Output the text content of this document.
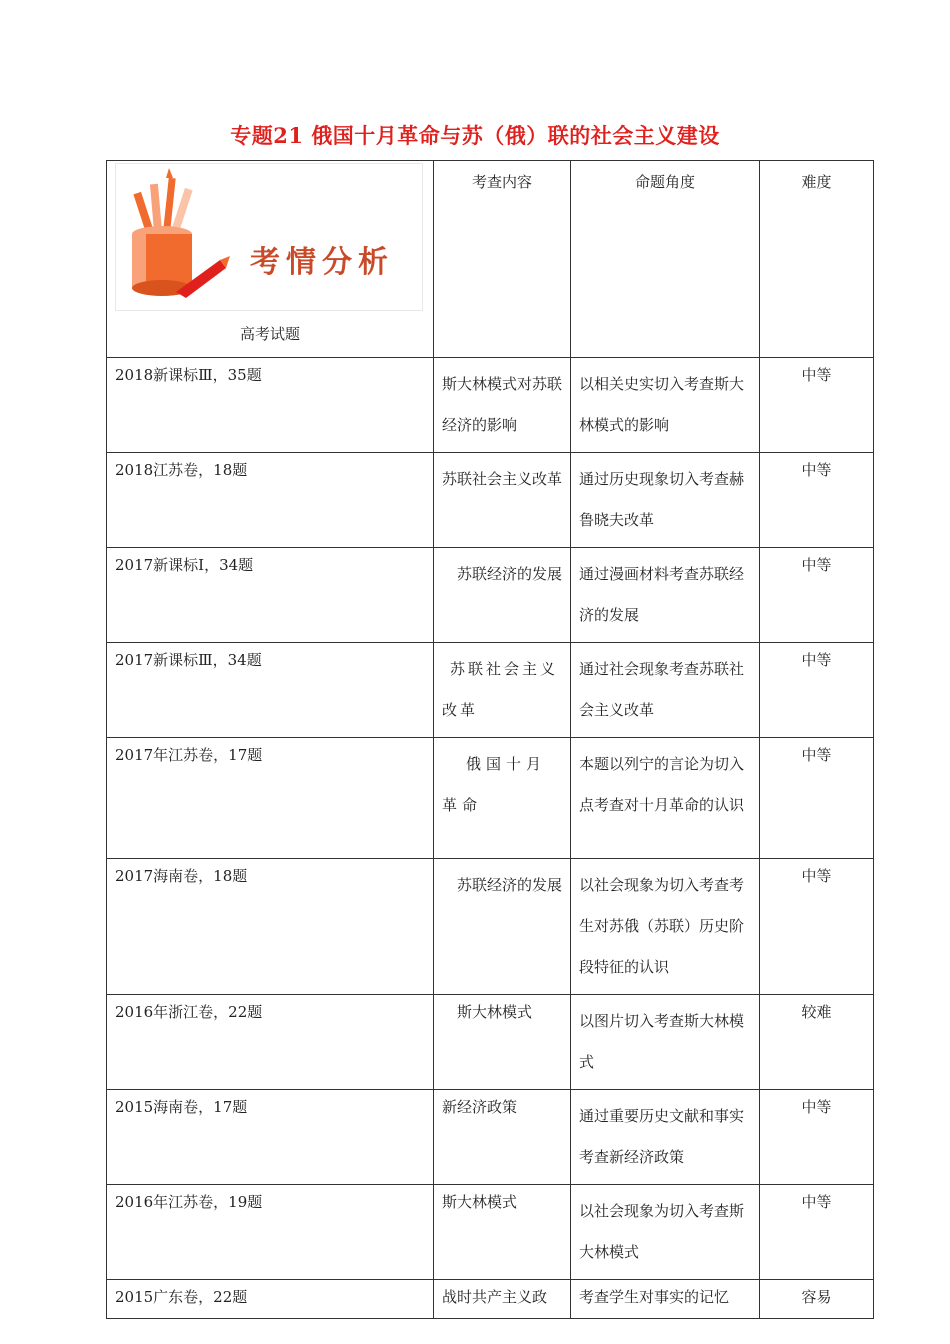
专题21 俄国十月革命与苏（俄）联的社会主义建设
考情分析
高考试题	考查内容	命题角度	难度
2018新课标Ⅲ，35题	斯大林模式对苏联经济的影响	以相关史实切入考查斯大林模式的影响	中等
2018江苏卷，18题	苏联社会主义改革	通过历史现象切入考查赫鲁晓夫改革	中等
2017新课标Ⅰ，34题	苏联经济的发展	通过漫画材料考查苏联经济的发展	中等
2017新课标Ⅲ，34题	苏联社会主义改革	通过社会现象考查苏联社会主义改革	中等
2017年江苏卷，17题	俄国十月革命	本题以列宁的言论为切入点考查对十月革命的认识	中等
2017海南卷，18题	苏联经济的发展	以社会现象为切入考查考生对苏俄（苏联）历史阶段特征的认识	中等
2016年浙江卷，22题	斯大林模式	以图片切入考查斯大林模式	较难
2015海南卷，17题	新经济政策	通过重要历史文献和事实考查新经济政策	中等
2016年江苏卷，19题	斯大林模式	以社会现象为切入考查斯大林模式	中等
2015广东卷，22题	战时共产主义政	考查学生对事实的记忆	容易
